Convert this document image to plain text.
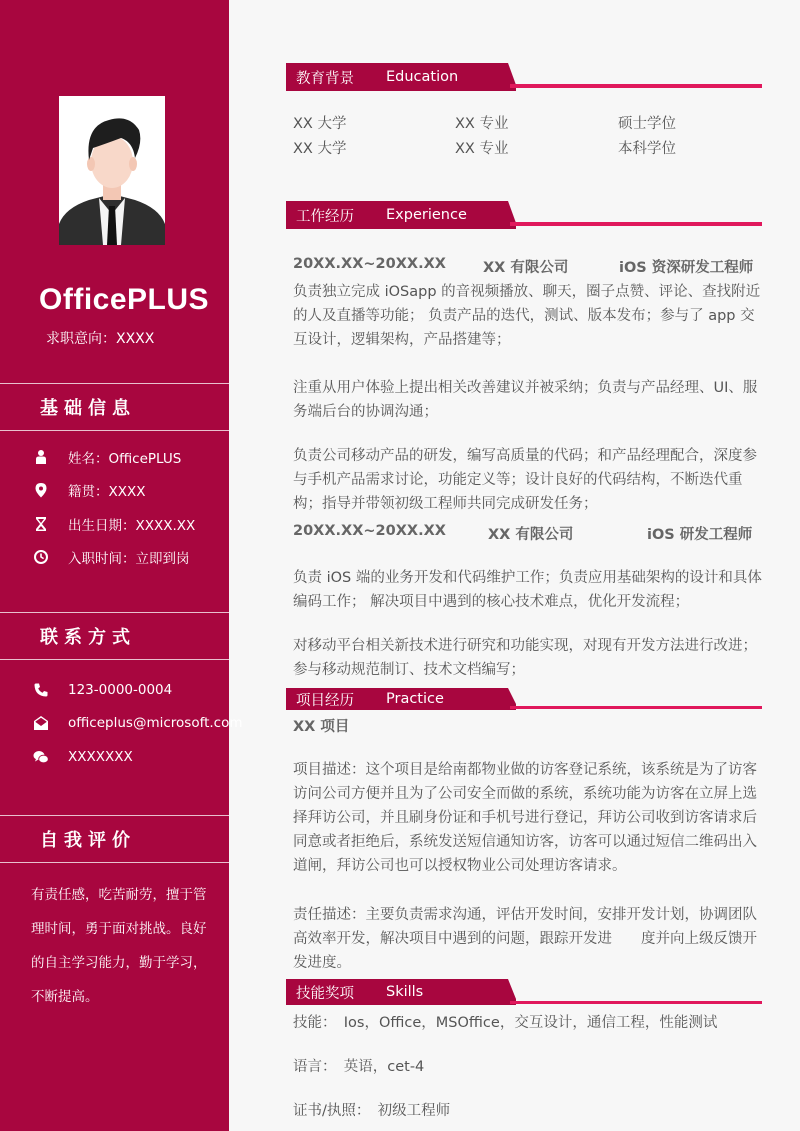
OfficePLUS
求职意向：XXXX
基础信息
姓名：OfficePLUS
籍贯：XXXX
出生日期：XXXX.XX
入职时间：立即到岗
联系方式
123-0000-0004
officeplus@microsoft.com
XXXXXXX
自我评价
有责任感，吃苦耐劳，擅于管理时间，勇于面对挑战。良好的自主学习能力，勤于学习，不断提高。
教育背景 Education
XX 大学	XX 专业	硕士学位
XX 大学	XX 专业	本科学位
工作经历 Experience
20XX.XX~20XX.XX	XX 有限公司	iOS 资深研发工程师
负责独立完成 iOSapp 的音视频播放、聊天，圈子点赞、评论、查找附近的人及直播等功能； 负责产品的迭代，测试、版本发布；参与了 app 交互设计，逻辑架构，产品搭建等；
注重从用户体验上提出相关改善建议并被采纳；负责与产品经理、UI、服务端后台的协调沟通；
负责公司移动产品的研发，编写高质量的代码；和产品经理配合，深度参与手机产品需求讨论，功能定义等；设计良好的代码结构，不断迭代重构；指导并带领初级工程师共同完成研发任务；
20XX.XX~20XX.XX	XX 有限公司	iOS 研发工程师
负责 iOS 端的业务开发和代码维护工作；负责应用基础架构的设计和具体编码工作； 解决项目中遇到的核心技术难点，优化开发流程；
对移动平台相关新技术进行研究和功能实现，对现有开发方法进行改进；参与移动规范制订、技术文档编写；
项目经历 Practice
XX 项目
项目描述：这个项目是给南都物业做的访客登记系统，该系统是为了访客访问公司方便并且为了公司安全而做的系统，系统功能为访客在立屏上选择拜访公司，并且刷身份证和手机号进行登记，拜访公司收到访客请求后同意或者拒绝后，系统发送短信通知访客，访客可以通过短信二维码出入道闸，拜访公司也可以授权物业公司处理访客请求。
责任描述：主要负责需求沟通，评估开发时间，安排开发计划，协调团队高效率开发，解决项目中遇到的问题，跟踪开发进　　度并向上级反馈开发进度。
技能奖项 Skills
技能：　Ios，Office，MSOffice，交互设计，通信工程，性能测试
语言：　英语，cet-4
证书/执照：　初级工程师
